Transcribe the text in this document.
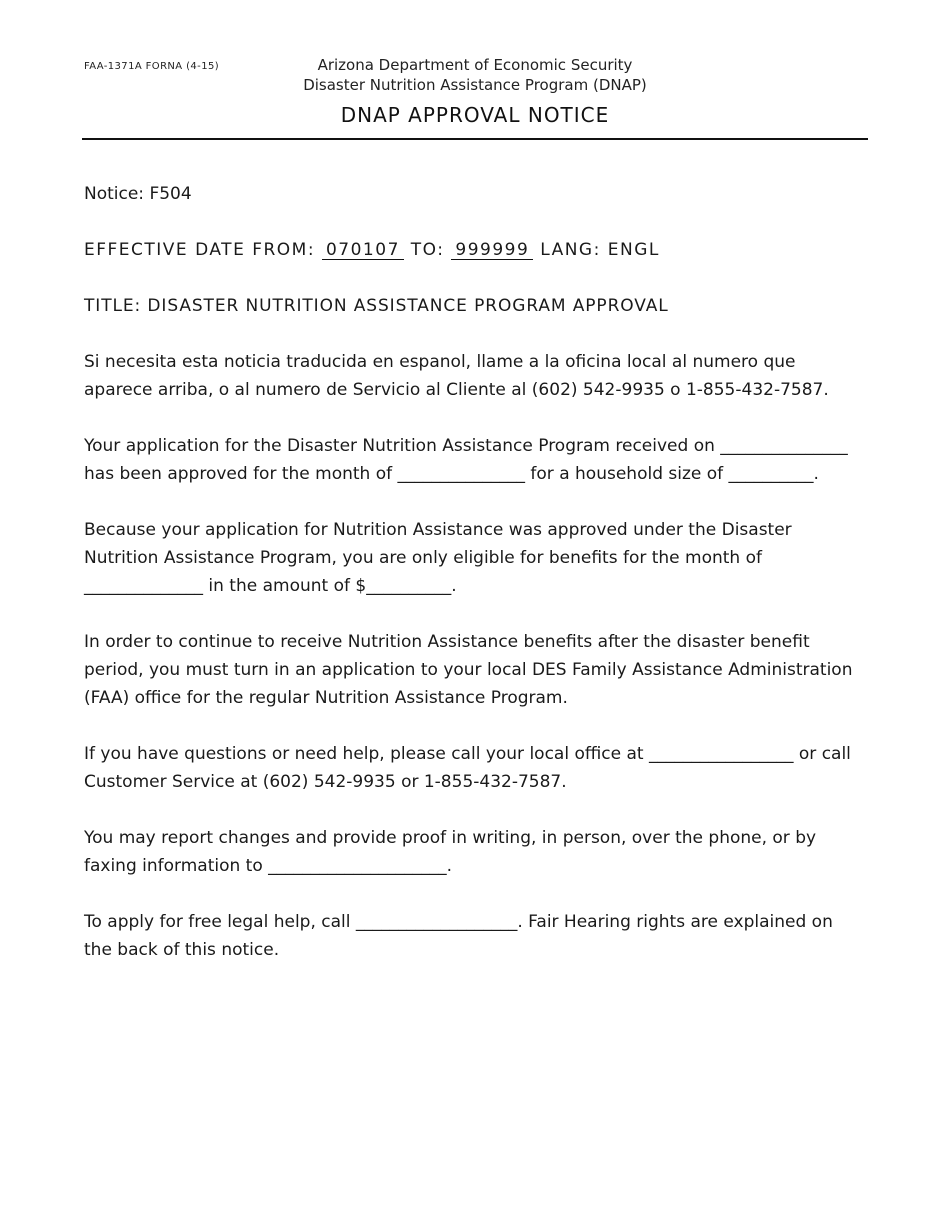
FAA-1371A FORNA (4-15)	Arizona Department of Economic Security
Disaster Nutrition Assistance Program (DNAP)
DNAP APPROVAL NOTICE

Notice: F504

EFFECTIVE DATE FROM: 070107 TO: 999999 LANG: ENGL

TITLE: DISASTER NUTRITION ASSISTANCE PROGRAM APPROVAL

Si necesita esta noticia traducida en espanol, llame a la oficina local al numero que aparece arriba, o al numero de Servicio al Cliente al (602) 542-9935 o 1-855-432-7587.

Your application for the Disaster Nutrition Assistance Program received on _______________ has been approved for the month of _______________ for a household size of __________.

Because your application for Nutrition Assistance was approved under the Disaster Nutrition Assistance Program, you are only eligible for benefits for the month of ______________ in the amount of $__________.

In order to continue to receive Nutrition Assistance benefits after the disaster benefit period, you must turn in an application to your local DES Family Assistance Administration (FAA) office for the regular Nutrition Assistance Program.

If you have questions or need help, please call your local office at _________________ or call Customer Service at (602) 542-9935 or 1-855-432-7587.

You may report changes and provide proof in writing, in person, over the phone, or by faxing information to _____________________.

To apply for free legal help, call ___________________. Fair Hearing rights are explained on the back of this notice.
